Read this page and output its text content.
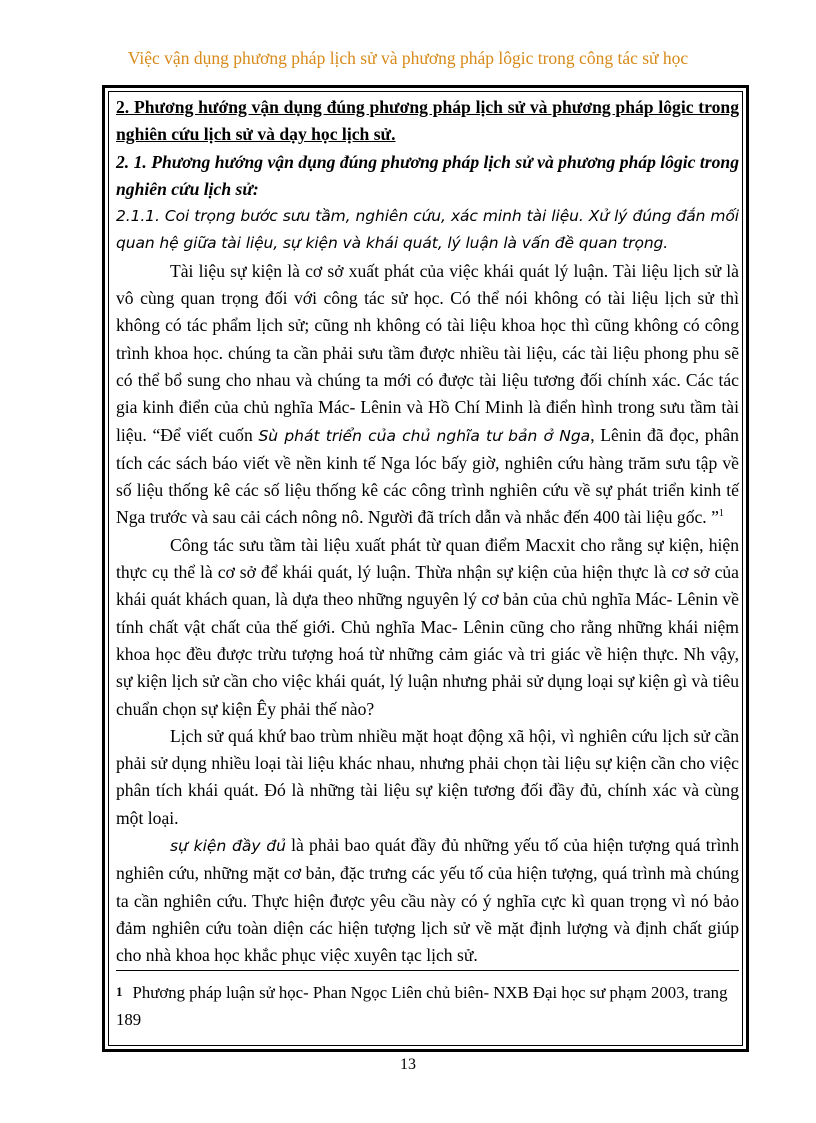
Việc vận dụng phương pháp lịch sử và phương pháp lôgic trong công tác sử học

2. Phương hướng vận dụng đúng phương pháp lịch sử và phương pháp lôgic trong nghiên cứu lịch sử và dạy học lịch sử.

2. 1. Phương hướng vận dụng đúng phương pháp lịch sử và phương pháp lôgic trong nghiên cứu lịch sử:

2.1.1. Coi trọng bước sưu tầm, nghiên cứu, xác minh tài liệu. Xử lý đúng đắn mối quan hệ giữa tài liệu, sự kiện và khái quát, lý luận là vấn đề quan trọng.

Tài liệu sự kiện là cơ sở xuất phát của việc khái quát lý luận. Tài liệu lịch sử là vô cùng quan trọng đối với công tác sử học. Có thể nói không có tài liệu lịch sử thì không có tác phẩm lịch sử; cũng nh không có tài liệu khoa học thì cũng không có công trình khoa học. chúng ta cần phải sưu tầm được nhiều tài liệu, các tài liệu phong phu sẽ có thể bổ sung cho nhau và chúng ta mới có được tài liệu tương đối chính xác. Các tác gia kinh điển của chủ nghĩa Mác- Lênin và Hồ Chí Minh là điển hình trong sưu tầm tài liệu. “Để viết cuốn Sù phát triển của chủ nghĩa tư bản ở Nga, Lênin đã đọc, phân tích các sách báo viết về nền kinh tế Nga lóc bấy giờ, nghiên cứu hàng trăm sưu tập về số liệu thống kê các số liệu thống kê các công trình nghiên cứu về sự phát triển kinh tế Nga trước và sau cải cách nông nô. Người đã trích dẫn và nhắc đến 400 tài liệu gốc. ”$^1$

Công tác sưu tầm tài liệu xuất phát từ quan điểm Macxit cho rằng sự kiện, hiện thực cụ thể là cơ sở để khái quát, lý luận. Thừa nhận sự kiện của hiện thực là cơ sở của khái quát khách quan, là dựa theo những nguyên lý cơ bản của chủ nghĩa Mác- Lênin về tính chất vật chất của thế giới. Chủ nghĩa Mac- Lênin cũng cho rằng những khái niệm khoa học đều được trừu tượng hoá từ những cảm giác và tri giác về hiện thực. Nh vậy, sự kiện lịch sử cần cho việc khái quát, lý luận nhưng phải sử dụng loại sự kiện gì và tiêu chuẩn chọn sự kiện Êy phải thế nào?

Lịch sử quá khứ bao trùm nhiều mặt hoạt động xã hội, vì nghiên cứu lịch sử cần phải sử dụng nhiều loại tài liệu khác nhau, nhưng phải chọn tài liệu sự kiện cần cho việc phân tích khái quát. Đó là những tài liệu sự kiện tương đối đầy đủ, chính xác và cùng một loại.

sự kiện đầy đủ là phải bao quát đầy đủ những yếu tố của hiện tượng quá trình nghiên cứu, những mặt cơ bản, đặc trưng các yếu tố của hiện tượng, quá trình mà chúng ta cần nghiên cứu. Thực hiện được yêu cầu này có ý nghĩa cực kì quan trọng vì nó bảo đảm nghiên cứu toàn diện các hiện tượng lịch sử về mặt định lượng và định chất giúp cho nhà khoa học khắc phục việc xuyên tạc lịch sử.

1 Phương pháp luận sử học- Phan Ngọc Liên chủ biên- NXB Đại học sư phạm 2003, trang 189
13
